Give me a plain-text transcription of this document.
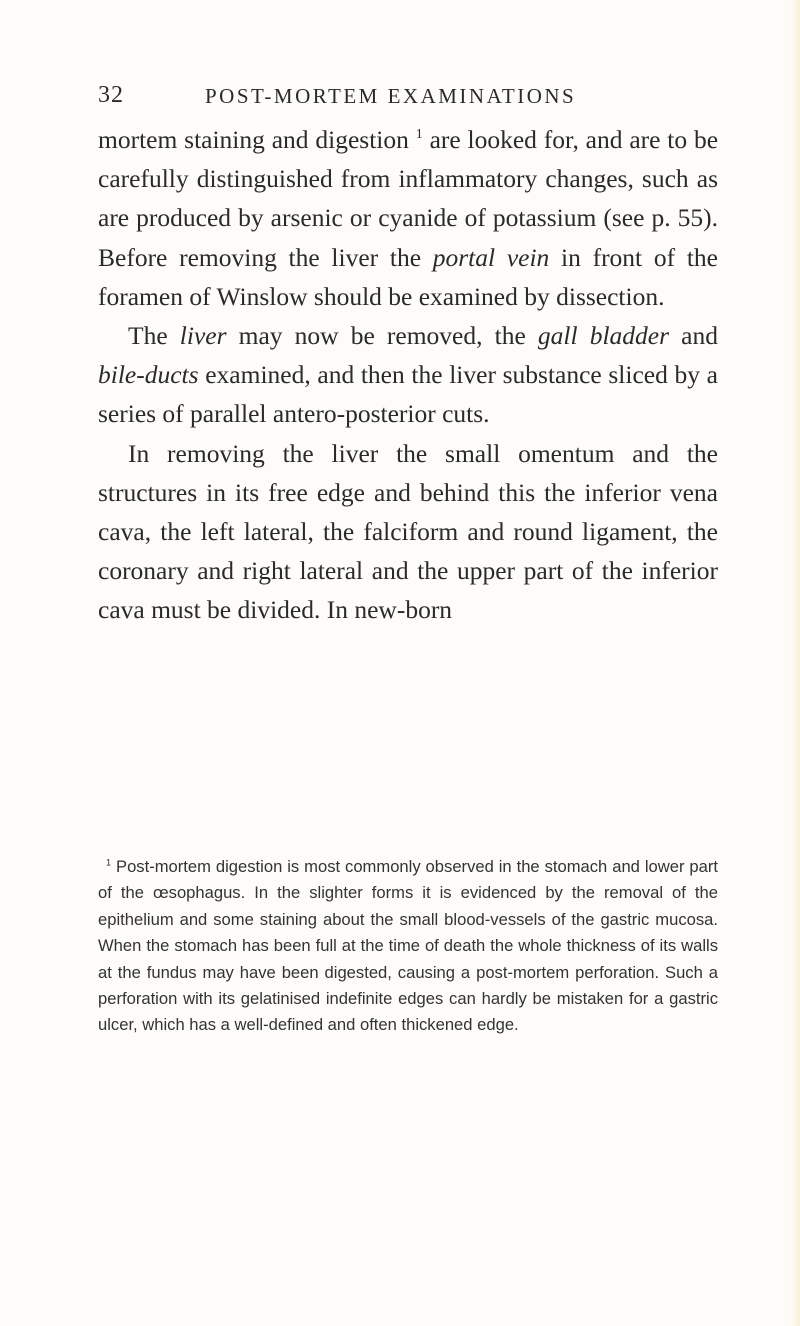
32	POST-MORTEM EXAMINATIONS

mortem staining and digestion $^1$ are looked for, and are to be carefully distinguished from inflammatory changes, such as are produced by arsenic or cyanide of potassium (see p. 55). Before removing the liver the portal vein in front of the foramen of Winslow should be examined by dissection.

The liver may now be removed, the gall bladder and bile-ducts examined, and then the liver substance sliced by a series of parallel antero-posterior cuts.

In removing the liver the small omentum and the structures in its free edge and behind this the inferior vena cava, the left lateral, the falciform and round ligament, the coronary and right lateral and the upper part of the inferior cava must be divided. In new-born

$^1$ Post-mortem digestion is most commonly observed in the stomach and lower part of the œsophagus. In the slighter forms it is evidenced by the removal of the epithelium and some staining about the small blood-vessels of the gastric mucosa. When the stomach has been full at the time of death the whole thickness of its walls at the fundus may have been digested, causing a post-mortem perforation. Such a perforation with its gelatinised indefinite edges can hardly be mistaken for a gastric ulcer, which has a well-defined and often thickened edge.
